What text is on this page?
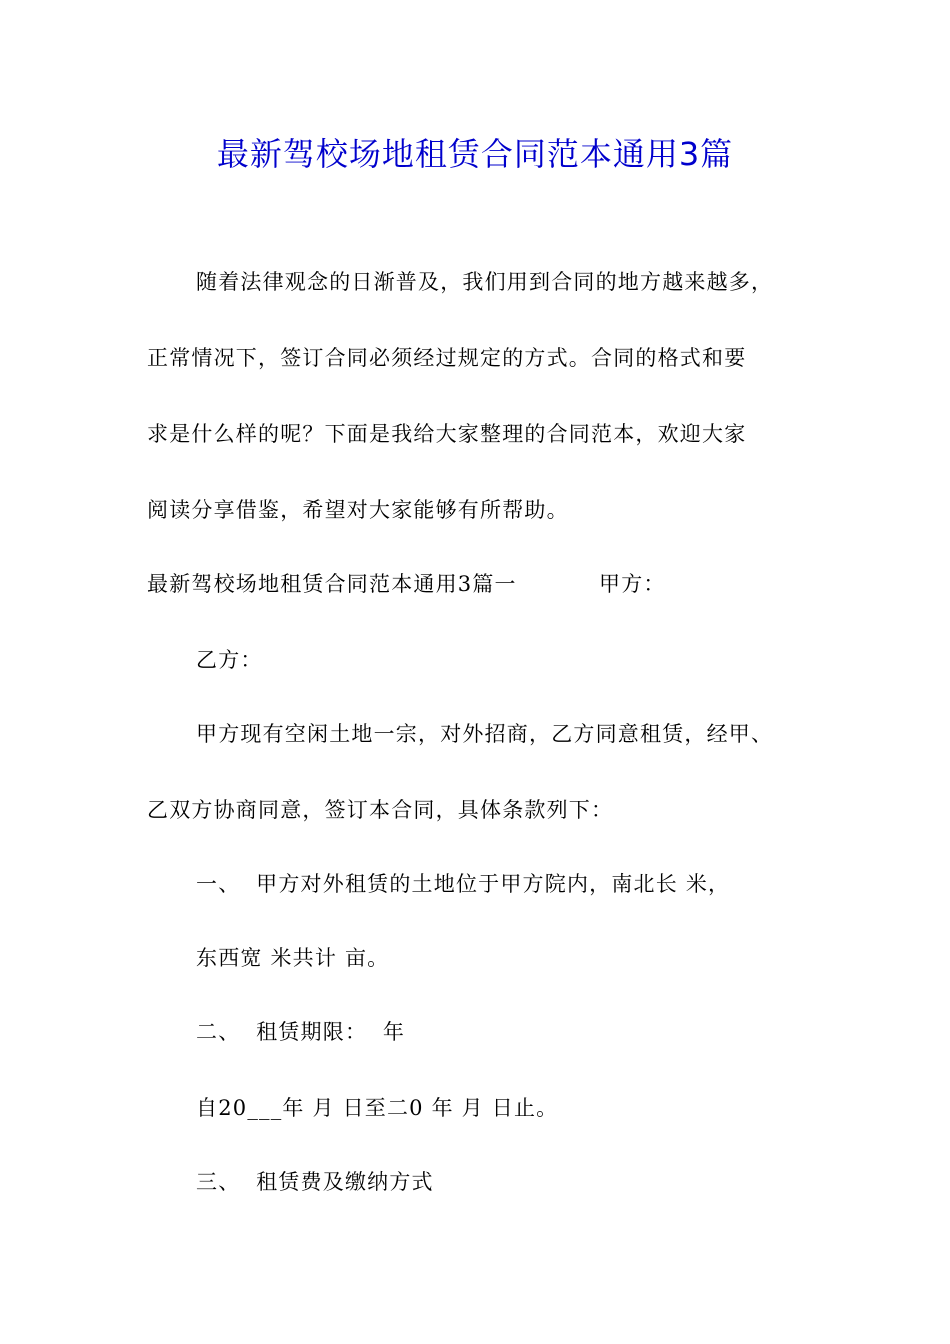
最新驾校场地租赁合同范本通用3篇
随着法律观念的日渐普及，我们用到合同的地方越来越多，
正常情况下，签订合同必须经过规定的方式。合同的格式和要
求是什么样的呢？下面是我给大家整理的合同范本，欢迎大家
阅读分享借鉴，希望对大家能够有所帮助。
最新驾校场地租赁合同范本通用3篇一	甲方：
乙方：
甲方现有空闲土地一宗，对外招商，乙方同意租赁，经甲、
乙双方协商同意，签订本合同，具体条款列下：
一、  甲方对外租赁的土地位于甲方院内，南北长 米，
东西宽 米共计 亩。
二、  租赁期限：  年
自20___年 月 日至二0 年 月 日止。
三、  租赁费及缴纳方式
